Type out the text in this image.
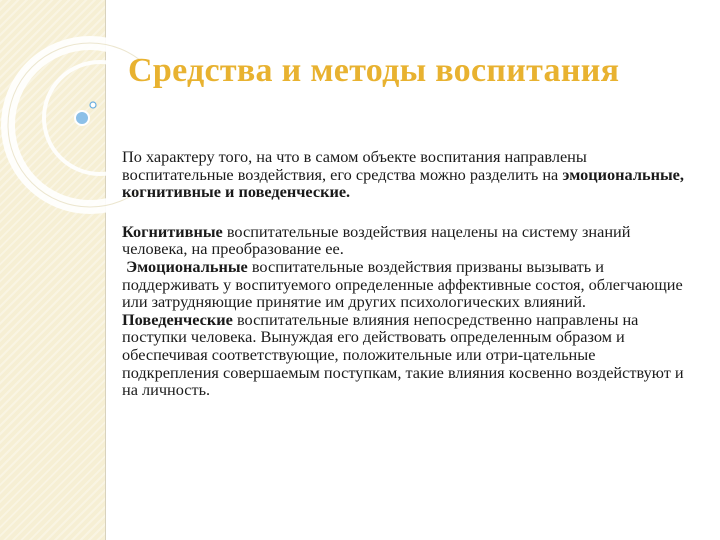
Средства и методы воспитания

По характеру того, на что в самом объекте воспитания направлены воспитательные воздействия, его средства можно разделить на эмоциональные, когнитивные и поведенческие.

Когнитивные воспитательные воздействия нацелены на систему знаний человека, на преобразование ее.

Эмоциональные воспитательные воздействия призваны вызывать и поддерживать у воспитуемого определенные аффективные состоя, облегчающие или затрудняющие принятие им других психологических влияний.

Поведенческие воспитательные влияния непосредственно направлены на поступки человека. Вынуждая его действовать определенным образом и обеспечивая соответствующие, положительные или отри-цательные подкрепления совершаемым поступкам, такие влияния косвенно воздействуют и на личность.
